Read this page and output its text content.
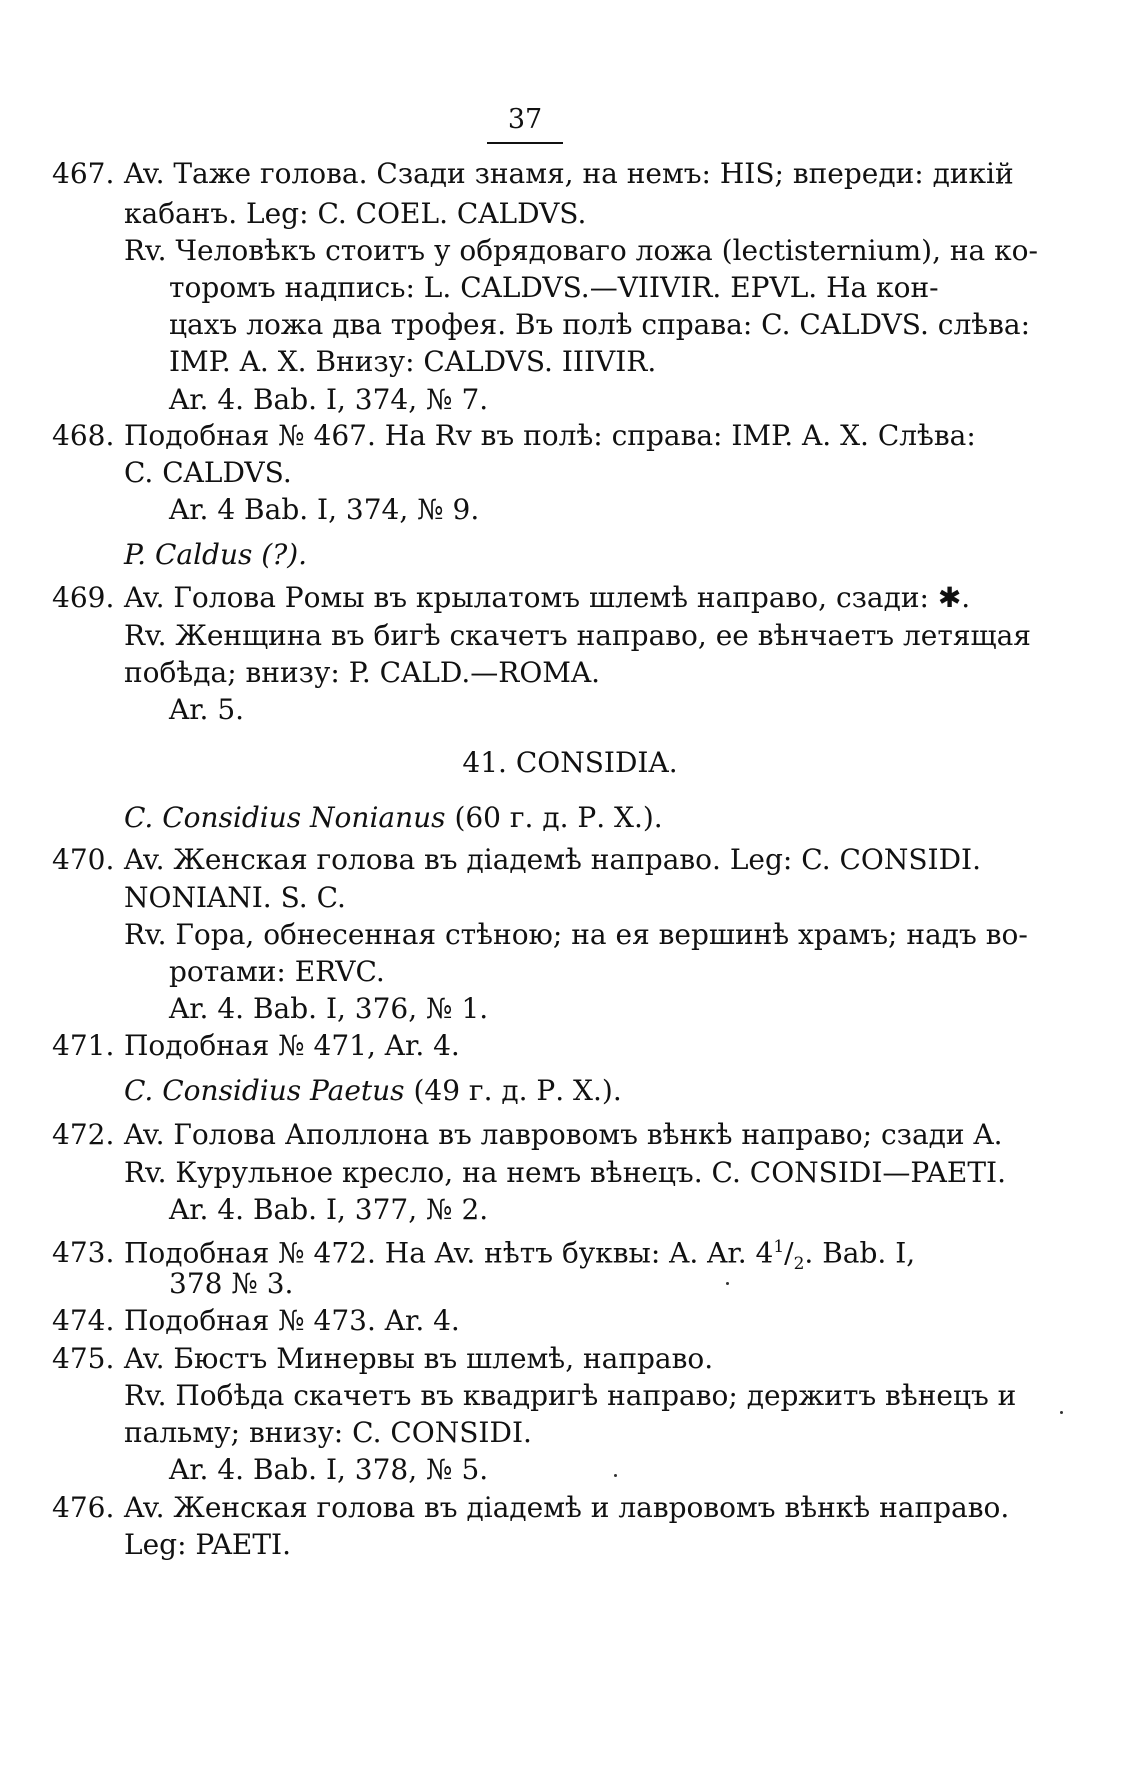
37
467. Av. Таже голова. Сзади знамя, на немъ: HIS; впереди: дикiй
кабанъ. Leg: C. COEL. CALDVS.
Rv. Человѣкъ стоитъ у обрядоваго ложа (lectisternium), на ко-
торомъ надпись: L. CALDVS.—VIIVIR. EPVL. На кон-
цахъ ложа два трофея. Въ полѣ справа: C. CALDVS. слѣва:
IMP. A. X. Внизу: CALDVS. IIIVIR.
Ar. 4. Bab. I, 374, № 7.
468. Подобная № 467. На Rv въ полѣ: справа: IMP. A. X. Слѣва:
C. CALDVS.
Ar. 4 Bab. I, 374, № 9.
P. Caldus (?).
469. Av. Голова Ромы въ крылатомъ шлемѣ направо, сзади: ✱.
Rv. Женщина въ бигѣ скачетъ направо, ее вѣнчаетъ летящая
побѣда; внизу: P. CALD.—ROMA.
Ar. 5.
41. CONSIDIA.
C. Considius Nonianus (60 г. д. Р. X.).
470. Av. Женская голова въ дiадемѣ направо. Leg: C. CONSIDI.
NONIANI. S. C.
Rv. Гора, обнесенная стѣною; на ея вершинѣ храмъ; надъ во-
ротами: ERVC.
Ar. 4. Bab. I, 376, № 1.
471. Подобная № 471, Ar. 4.
C. Considius Paetus (49 г. д. Р. X.).
472. Av. Голова Аполлона въ лавровомъ вѣнкѣ направо; сзади A.
Rv. Курульное кресло, на немъ вѣнецъ. C. CONSIDI—PAETI.
Ar. 4. Bab. I, 377, № 2.
473. Подобная № 472. На Av. нѣтъ буквы: A. Ar. $4^1/_2$. Bab. I,
378 № 3.
474. Подобная № 473. Ar. 4.
475. Av. Бюстъ Минервы въ шлемѣ, направо.
Rv. Побѣда скачетъ въ квадригѣ направо; держитъ вѣнецъ и
пальму; внизу: C. CONSIDI.
Ar. 4. Bab. I, 378, № 5.
476. Av. Женская голова въ дiадемѣ и лавровомъ вѣнкѣ направо.
Leg: PAETI.
